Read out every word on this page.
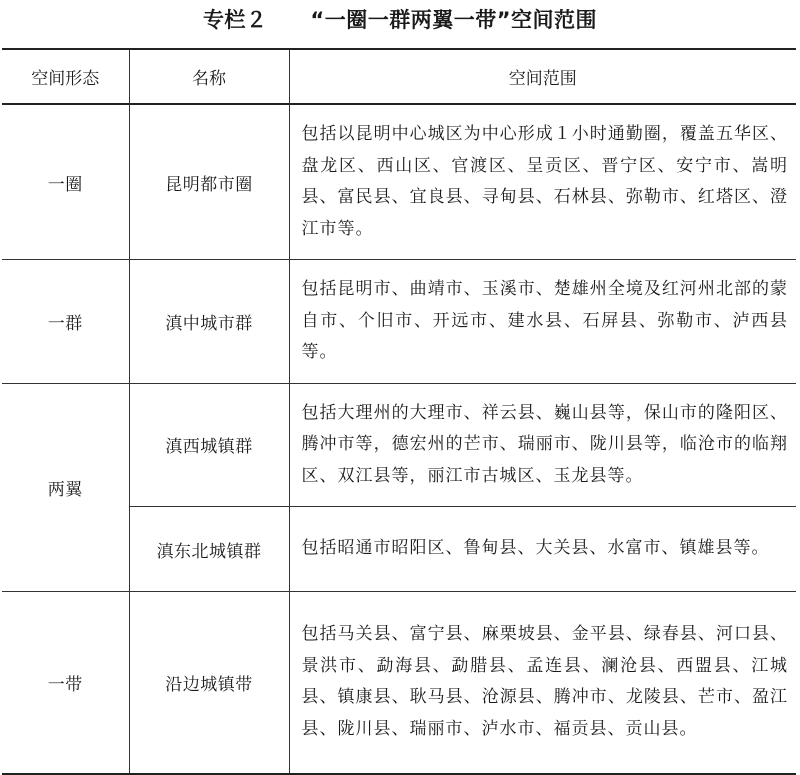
专栏２　　“一圈一群两翼一带”空间范围
空间形态	名称	空间范围
一圈	昆明都市圈	包括以昆明中心城区为中心形成１小时通勤圈，覆盖五华区、盘龙区、西山区、官渡区、呈贡区、晋宁区、安宁市、嵩明县、富民县、宜良县、寻甸县、石林县、弥勒市、红塔区、澄江市等。
一群	滇中城市群	包括昆明市、曲靖市、玉溪市、楚雄州全境及红河州北部的蒙自市、个旧市、开远市、建水县、石屏县、弥勒市、泸西县等。
两翼	滇西城镇群	包括大理州的大理市、祥云县、巍山县等，保山市的隆阳区、腾冲市等，德宏州的芒市、瑞丽市、陇川县等，临沧市的临翔区、双江县等，丽江市古城区、玉龙县等。
	滇东北城镇群	包括昭通市昭阳区、鲁甸县、大关县、水富市、镇雄县等。
一带	沿边城镇带	包括马关县、富宁县、麻栗坡县、金平县、绿春县、河口县、景洪市、勐海县、勐腊县、孟连县、澜沧县、西盟县、江城县、镇康县、耿马县、沧源县、腾冲市、龙陵县、芒市、盈江县、陇川县、瑞丽市、泸水市、福贡县、贡山县。
